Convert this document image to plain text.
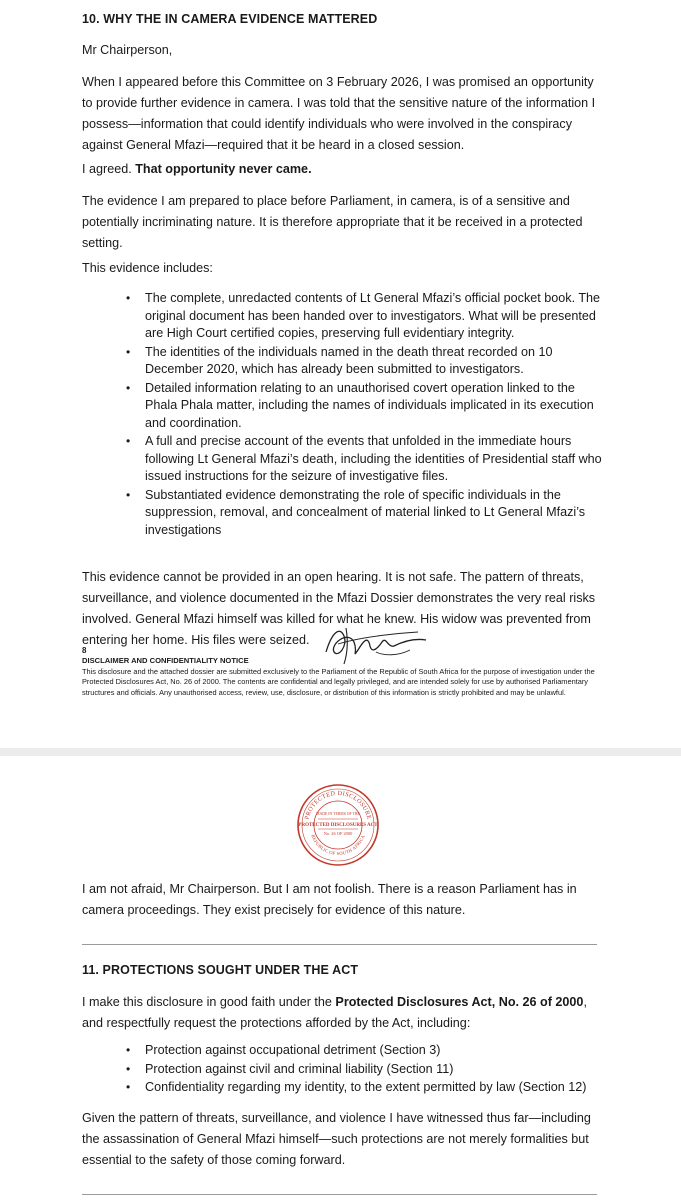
10. WHY THE IN CAMERA EVIDENCE MATTERED

Mr Chairperson,

When I appeared before this Committee on 3 February 2026, I was promised an opportunity to provide further evidence in camera. I was told that the sensitive nature of the information I possess—information that could identify individuals who were involved in the conspiracy against General Mfazi—required that it be heard in a closed session.

I agreed. That opportunity never came.

The evidence I am prepared to place before Parliament, in camera, is of a sensitive and potentially incriminating nature. It is therefore appropriate that it be received in a protected setting.

This evidence includes:

• The complete, unredacted contents of Lt General Mfazi’s official pocket book. The original document has been handed over to investigators. What will be presented are High Court certified copies, preserving full evidentiary integrity.
• The identities of the individuals named in the death threat recorded on 10 December 2020, which has already been submitted to investigators.
• Detailed information relating to an unauthorised covert operation linked to the Phala Phala matter, including the names of individuals implicated in its execution and coordination.
• A full and precise account of the events that unfolded in the immediate hours following Lt General Mfazi’s death, including the identities of Presidential staff who issued instructions for the seizure of investigative files.
• Substantiated evidence demonstrating the role of specific individuals in the suppression, removal, and concealment of material linked to Lt General Mfazi’s investigations

This evidence cannot be provided in an open hearing. It is not safe. The pattern of threats, surveillance, and violence documented in the Mfazi Dossier demonstrates the very real risks involved. General Mfazi himself was killed for what he knew. His widow was prevented from entering her home. His files were seized.

8
DISCLAIMER AND CONFIDENTIALITY NOTICE

This disclosure and the attached dossier are submitted exclusively to the Parliament of the Republic of South Africa for the purpose of investigation under the Protected Disclosures Act, No. 26 of 2000. The contents are confidential and legally privileged, and are intended solely for use by authorised Parliamentary structures and officials. Any unauthorised access, review, use, disclosure, or distribution of this information is strictly prohibited and may be unlawful.

PROTECTED DISCLOSURE
REPUBLIC OF SOUTH AFRICA
MADE IN TERMS OF THE
PROTECTED DISCLOSURES ACT
No. 26 OF 2000

I am not afraid, Mr Chairperson. But I am not foolish. There is a reason Parliament has in camera proceedings. They exist precisely for evidence of this nature.

11. PROTECTIONS SOUGHT UNDER THE ACT

I make this disclosure in good faith under the Protected Disclosures Act, No. 26 of 2000, and respectfully request the protections afforded by the Act, including:

• Protection against occupational detriment (Section 3)
• Protection against civil and criminal liability (Section 11)
• Confidentiality regarding my identity, to the extent permitted by law (Section 12)

Given the pattern of threats, surveillance, and violence I have witnessed thus far—including the assassination of General Mfazi himself—such protections are not merely formalities but essential to the safety of those coming forward.
